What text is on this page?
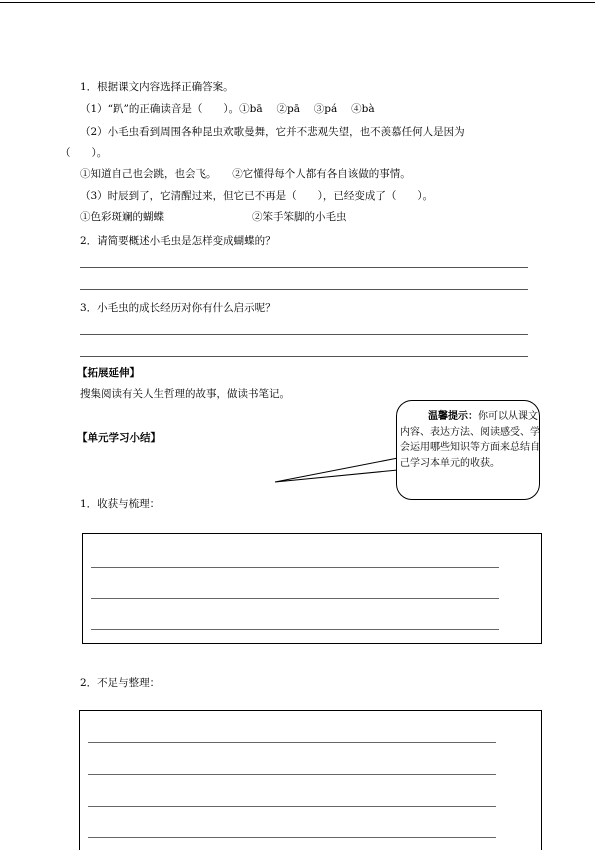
1．根据课文内容选择正确答案。
（1）“趴”的正确读音是（　　）。①bā　 ②pā　 ③pá　 ④bà
（2）小毛虫看到周围各种昆虫欢歌曼舞，它并不悲观失望，也不羡慕任何人是因为
（　　）。
①知道自己也会跳，也会飞。　　②它懂得每个人都有各自该做的事情。
（3）时辰到了，它清醒过来，但它已不再是（　　），已经变成了（　　）。
①色彩斑斓的蝴蝶	②笨手笨脚的小毛虫
2．请简要概述小毛虫是怎样变成蝴蝶的？
3．小毛虫的成长经历对你有什么启示呢？
【拓展延伸】
搜集阅读有关人生哲理的故事，做读书笔记。
【单元学习小结】
温馨提示：你可以从课文内容、表达方法、阅读感受、学会运用哪些知识等方面来总结自己学习本单元的收获。
1．收获与梳理：
2．不足与整理：
